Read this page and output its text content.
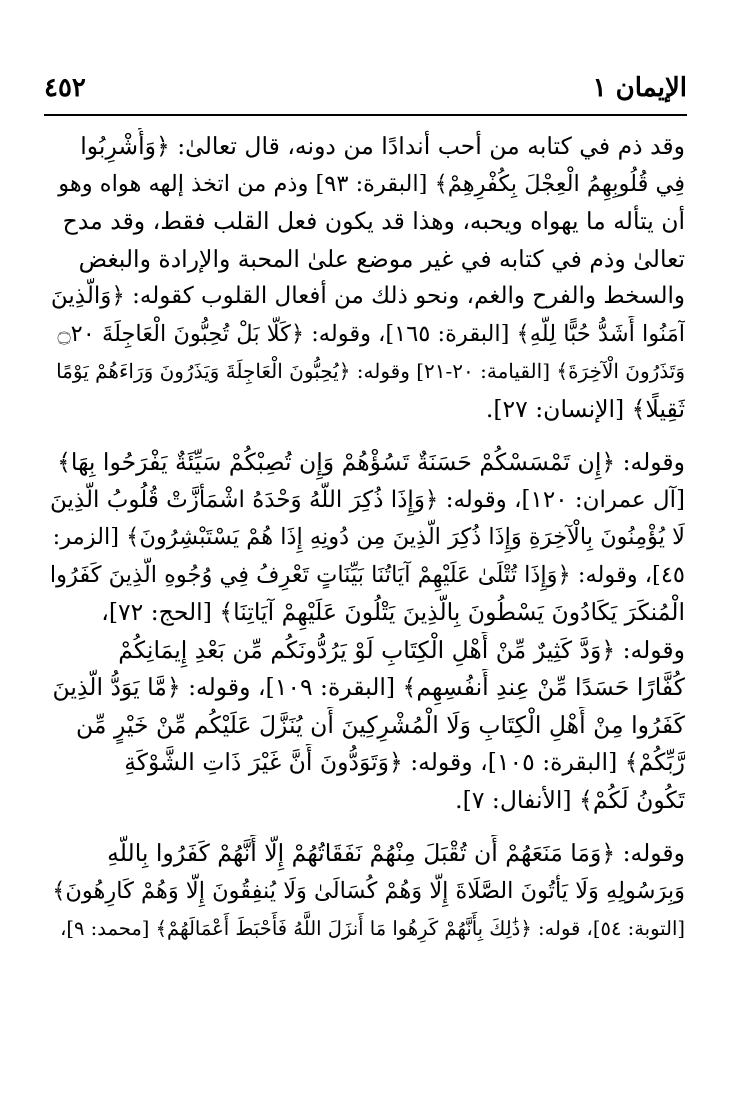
٤٥٢	الإيمان ١
وقد ذم في كتابه من أحب أندادًا من دونه، قال تعالىٰ: ﴿وَأُشْرِبُوا
فِي قُلُوبِهِمُ الْعِجْلَ بِكُفْرِهِمْ﴾ [البقرة: ٩٣] وذم من اتخذ إلهه هواه وهو
أن يتأله ما يهواه ويحبه، وهذا قد يكون فعل القلب فقط، وقد مدح
تعالىٰ وذم في كتابه في غير موضع علىٰ المحبة والإرادة والبغض
والسخط والفرح والغم، ونحو ذلك من أفعال القلوب كقوله: ﴿وَالَّذِينَ
آمَنُوا أَشَدُّ حُبًّا لِلَّهِ﴾ [البقرة: ١٦٥]، وقوله: ﴿كَلَّا بَلْ تُحِبُّونَ الْعَاجِلَةَ ۝٢٠
وَتَذَرُونَ الْآخِرَةَ﴾ [القيامة: ٢٠-٢١] وقوله: ﴿يُحِبُّونَ الْعَاجِلَةَ وَيَذَرُونَ وَرَاءَهُمْ يَوْمًا
ثَقِيلًا﴾ [الإنسان: ٢٧].
وقوله: ﴿إِن تَمْسَسْكُمْ حَسَنَةٌ تَسُؤْهُمْ وَإِن تُصِبْكُمْ سَيِّئَةٌ يَفْرَحُوا بِهَا﴾
[آل عمران: ١٢٠]، وقوله: ﴿وَإِذَا ذُكِرَ اللَّهُ وَحْدَهُ اشْمَأَزَّتْ قُلُوبُ الَّذِينَ
لَا يُؤْمِنُونَ بِالْآخِرَةِ وَإِذَا ذُكِرَ الَّذِينَ مِن دُونِهِ إِذَا هُمْ يَسْتَبْشِرُونَ﴾ [الزمر:
٤٥]، وقوله: ﴿وَإِذَا تُتْلَىٰ عَلَيْهِمْ آيَاتُنَا بَيِّنَاتٍ تَعْرِفُ فِي وُجُوهِ الَّذِينَ كَفَرُوا
الْمُنكَرَ يَكَادُونَ يَسْطُونَ بِالَّذِينَ يَتْلُونَ عَلَيْهِمْ آيَاتِنَا﴾ [الحج: ٧٢]،
وقوله: ﴿وَدَّ كَثِيرٌ مِّنْ أَهْلِ الْكِتَابِ لَوْ يَرُدُّونَكُم مِّن بَعْدِ إِيمَانِكُمْ
كُفَّارًا حَسَدًا مِّنْ عِندِ أَنفُسِهِم﴾ [البقرة: ١٠٩]، وقوله: ﴿مَّا يَوَدُّ الَّذِينَ
كَفَرُوا مِنْ أَهْلِ الْكِتَابِ وَلَا الْمُشْرِكِينَ أَن يُنَزَّلَ عَلَيْكُم مِّنْ خَيْرٍ مِّن
رَّبِّكُمْ﴾ [البقرة: ١٠٥]، وقوله: ﴿وَتَوَدُّونَ أَنَّ غَيْرَ ذَاتِ الشَّوْكَةِ
تَكُونُ لَكُمْ﴾ [الأنفال: ٧].
وقوله: ﴿وَمَا مَنَعَهُمْ أَن تُقْبَلَ مِنْهُمْ نَفَقَاتُهُمْ إِلَّا أَنَّهُمْ كَفَرُوا بِاللَّهِ
وَبِرَسُولِهِ وَلَا يَأْتُونَ الصَّلَاةَ إِلَّا وَهُمْ كُسَالَىٰ وَلَا يُنفِقُونَ إِلَّا وَهُمْ كَارِهُونَ﴾
[التوبة: ٥٤]، قوله: ﴿ذَٰلِكَ بِأَنَّهُمْ كَرِهُوا مَا أَنزَلَ اللَّهُ فَأَحْبَطَ أَعْمَالَهُمْ﴾ [محمد: ٩]،
